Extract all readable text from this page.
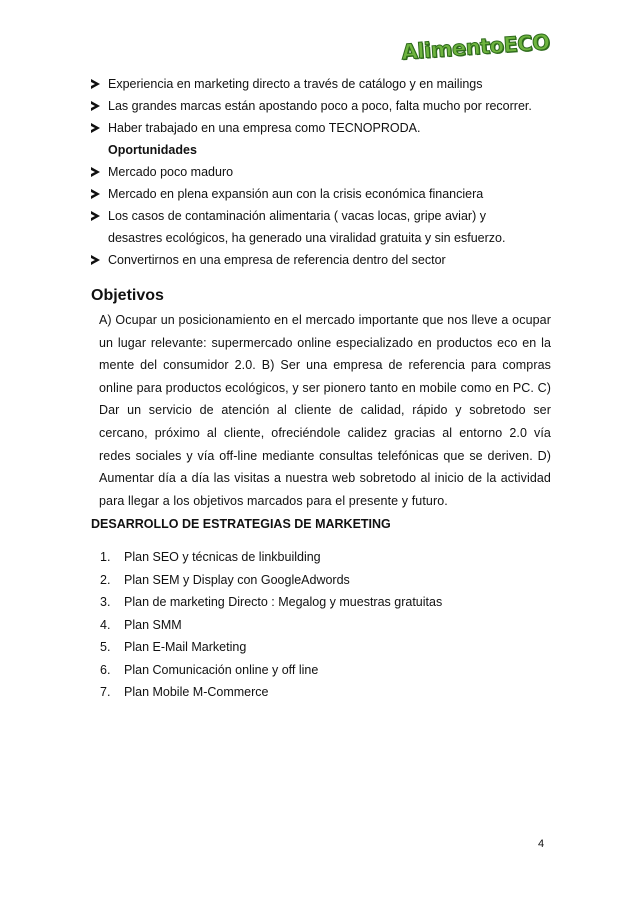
AlimentoECO
Experiencia en marketing directo a través de catálogo y en mailings
Las grandes marcas están apostando poco a poco, falta mucho por recorrer.
Haber trabajado en una empresa como TECNOPRODA.
Oportunidades
Mercado poco maduro
Mercado en plena expansión aun con la crisis económica financiera
Los casos de contaminación alimentaria ( vacas locas, gripe aviar) y desastres ecológicos, ha generado una viralidad gratuita y sin esfuerzo.
Convertirnos en una empresa de referencia dentro del sector
Objetivos
A) Ocupar un posicionamiento en el mercado importante que nos lleve a ocupar un lugar relevante: supermercado online especializado en productos eco en la mente del consumidor 2.0. B) Ser una empresa de referencia para compras online para productos ecológicos, y ser pionero tanto en mobile como en PC. C) Dar un servicio de atención al cliente de calidad, rápido y sobretodo ser cercano, próximo al cliente, ofreciéndole calidez gracias al entorno 2.0 vía redes sociales y vía off-line mediante consultas telefónicas que se deriven. D) Aumentar día a día las visitas a nuestra web sobretodo al inicio de la actividad para llegar a los objetivos marcados para el presente y futuro.
DESARROLLO DE ESTRATEGIAS DE MARKETING
1. Plan SEO y técnicas de linkbuilding
2. Plan SEM y Display con GoogleAdwords
3. Plan de marketing Directo : Megalog y muestras gratuitas
4. Plan SMM
5. Plan E-Mail Marketing
6. Plan Comunicación online y off line
7. Plan Mobile M-Commerce
4
